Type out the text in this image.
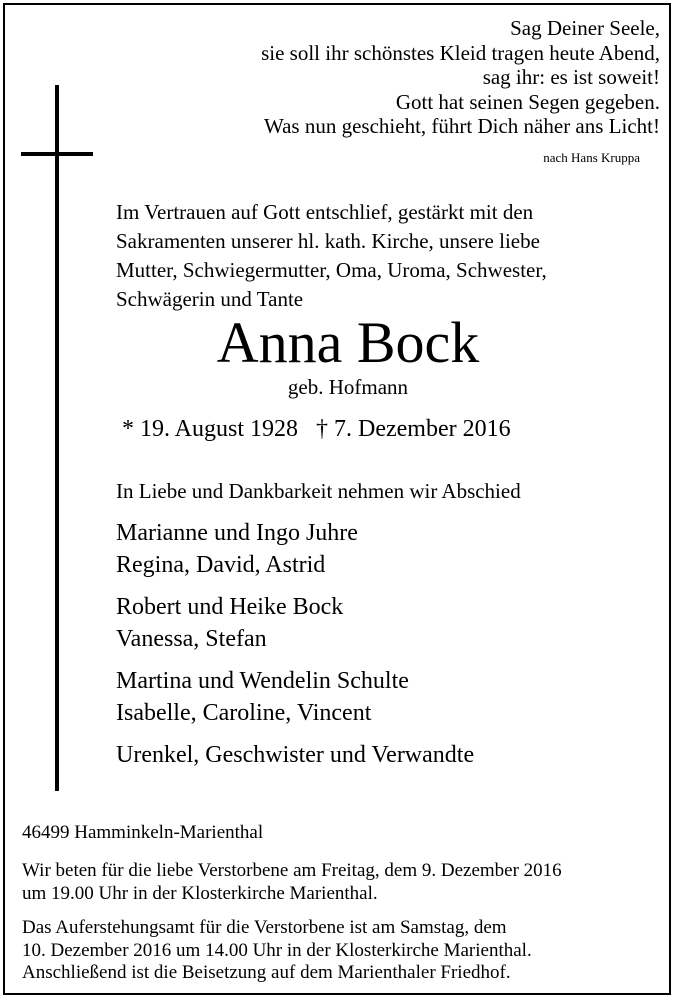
Sag Deiner Seele,
sie soll ihr schönstes Kleid tragen heute Abend,
sag ihr: es ist soweit!
Gott hat seinen Segen gegeben.
Was nun geschieht, führt Dich näher ans Licht!
nach Hans Kruppa
Im Vertrauen auf Gott entschlief, gestärkt mit den
Sakramenten unserer hl. kath. Kirche, unsere liebe
Mutter, Schwiegermutter, Oma, Uroma, Schwester,
Schwägerin und Tante
Anna Bock
geb. Hofmann
* 19. August 1928 † 7. Dezember 2016
In Liebe und Dankbarkeit nehmen wir Abschied
Marianne und Ingo Juhre
Regina, David, Astrid
Robert und Heike Bock
Vanessa, Stefan
Martina und Wendelin Schulte
Isabelle, Caroline, Vincent
Urenkel, Geschwister und Verwandte
46499 Hamminkeln-Marienthal
Wir beten für die liebe Verstorbene am Freitag, dem 9. Dezember 2016
um 19.00 Uhr in der Klosterkirche Marienthal.
Das Auferstehungsamt für die Verstorbene ist am Samstag, dem
10. Dezember 2016 um 14.00 Uhr in der Klosterkirche Marienthal.
Anschließend ist die Beisetzung auf dem Marienthaler Friedhof.
